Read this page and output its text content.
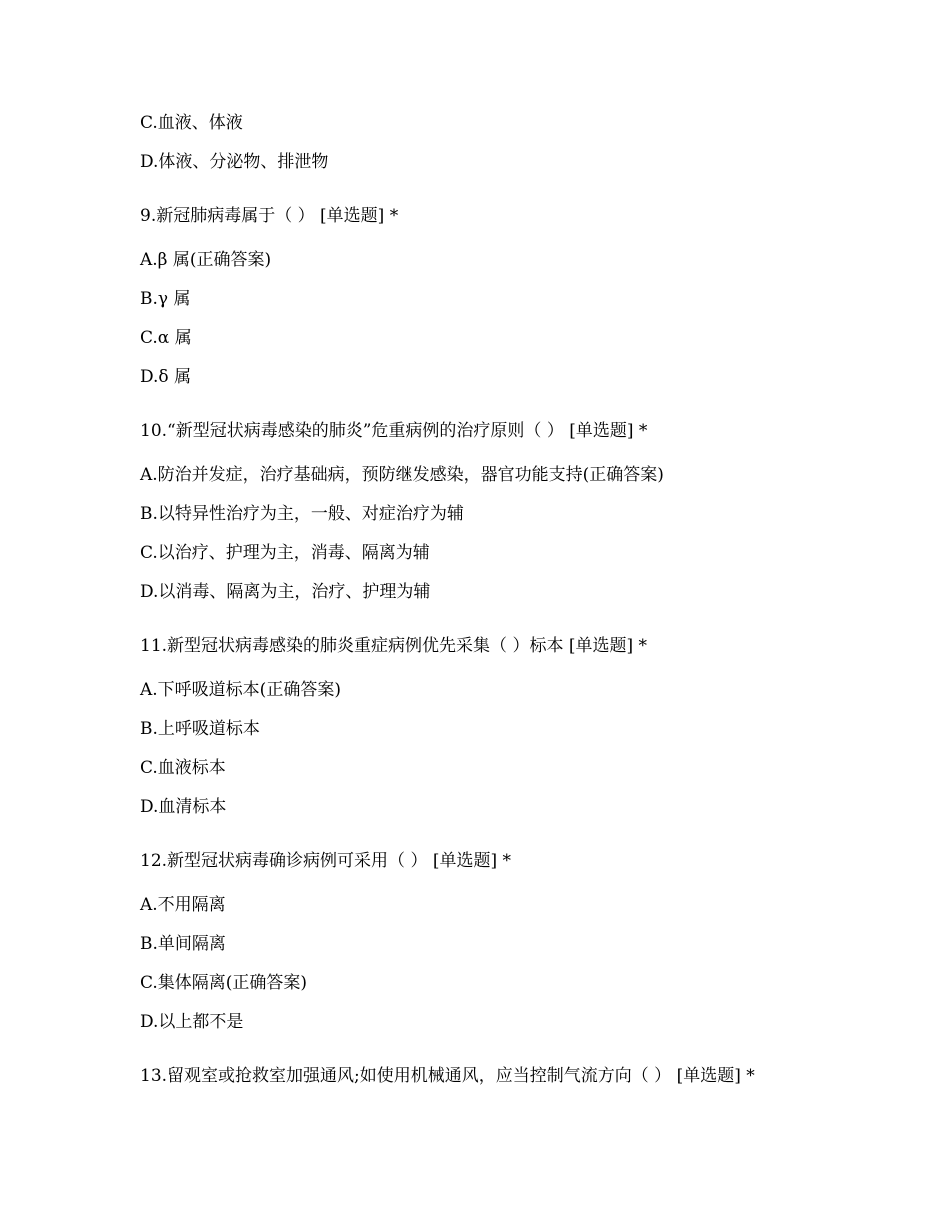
C.血液、体液
D.体液、分泌物、排泄物
9.新冠肺病毒属于（ ） [单选题] *
A.β 属(正确答案)
B.γ 属
C.α 属
D.δ 属
10.“新型冠状病毒感染的肺炎”危重病例的治疗原则（ ） [单选题] *
A.防治并发症，治疗基础病，预防继发感染，器官功能支持(正确答案)
B.以特异性治疗为主，一般、对症治疗为辅
C.以治疗、护理为主，消毒、隔离为辅
D.以消毒、隔离为主，治疗、护理为辅
11.新型冠状病毒感染的肺炎重症病例优先采集（ ）标本 [单选题] *
A.下呼吸道标本(正确答案)
B.上呼吸道标本
C.血液标本
D.血清标本
12.新型冠状病毒确诊病例可采用（ ） [单选题] *
A.不用隔离
B.单间隔离
C.集体隔离(正确答案)
D.以上都不是
13.留观室或抢救室加强通风;如使用机械通风，应当控制气流方向（ ） [单选题] *
